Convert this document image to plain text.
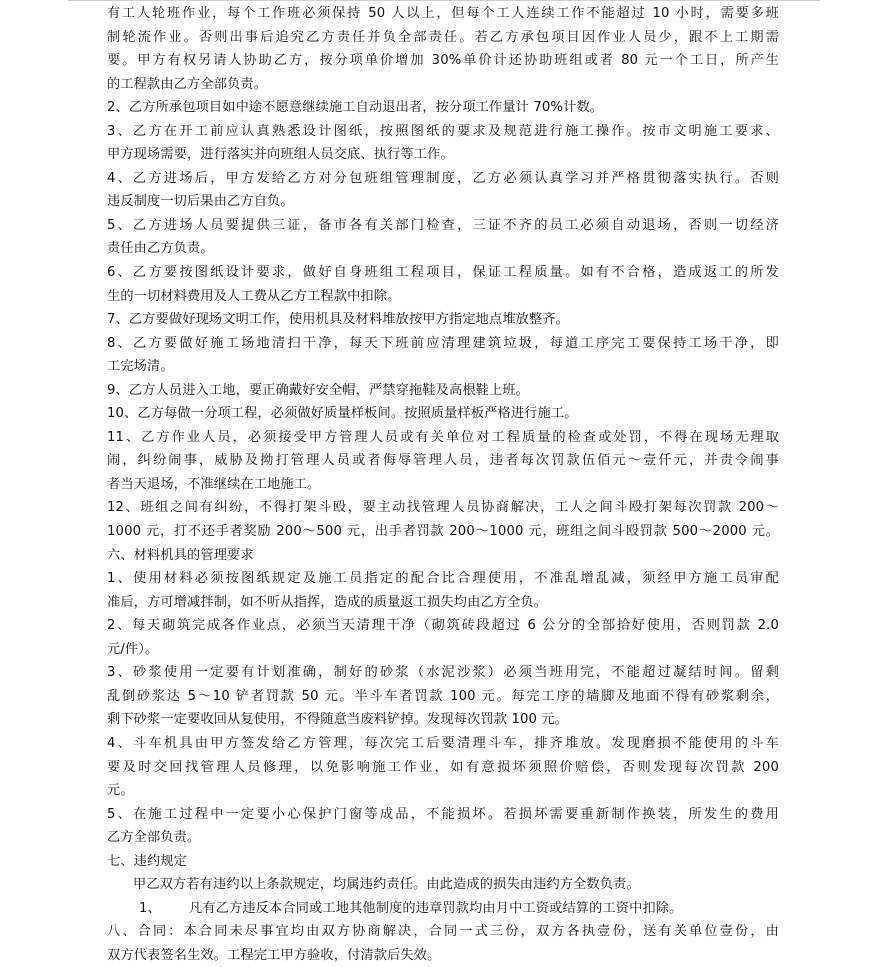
有工人轮班作业，每个工作班必须保持 50 人以上，但每个工人连续工作不能超过 10 小时，需要多班
制轮流作业。否则出事后追究乙方责任并负全部责任。若乙方承包项目因作业人员少，跟不上工期需
要。甲方有权另请人协助乙方，按分项单价增加 30%单价计还协助班组或者 80 元一个工日，所产生
的工程款由乙方全部负责。
2、乙方所承包项目如中途不愿意继续施工自动退出者，按分项工作量计 70%计数。
3、乙方在开工前应认真熟悉设计图纸，按照图纸的要求及规范进行施工操作。按市文明施工要求、
甲方现场需要，进行落实并向班组人员交底、执行等工作。
4、乙方进场后，甲方发给乙方对分包班组管理制度，乙方必须认真学习并严格贯彻落实执行。否则
违反制度一切后果由乙方自负。
5、乙方进场人员要提供三证，备市各有关部门检查，三证不齐的员工必须自动退场，否则一切经济
责任由乙方负责。
6、乙方要按图纸设计要求，做好自身班组工程项目，保证工程质量。如有不合格，造成返工的所发
生的一切材料费用及人工费从乙方工程款中扣除。
7、乙方要做好现场文明工作，使用机具及材料堆放按甲方指定地点堆放整齐。
8、乙方要做好施工场地清扫干净，每天下班前应清理建筑垃圾，每道工序完工要保持工场干净，即
工完场清。
9、乙方人员进入工地，要正确戴好安全帽，严禁穿拖鞋及高根鞋上班。
10、乙方每做一分项工程，必须做好质量样板间。按照质量样板严格进行施工。
11、乙方作业人员，必须接受甲方管理人员或有关单位对工程质量的检查或处罚，不得在现场无理取
闹，纠纷闹事，威胁及拗打管理人员或者侮辱管理人员，违者每次罚款伍佰元～壹仟元，并责令闹事
者当天退场，不准继续在工地施工。
12、班组之间有纠纷，不得打架斗殴，要主动找管理人员协商解决，工人之间斗殴打架每次罚款 200～
1000 元，打不还手者奖励 200～500 元，出手者罚款 200～1000 元，班组之间斗殴罚款 500～2000 元。
六、材料机具的管理要求
1、使用材料必须按图纸规定及施工员指定的配合比合理使用，不准乱增乱减，须经甲方施工员审配
准后，方可增减拌制，如不听从指挥，造成的质量返工损失均由乙方全负。
2、每天砌筑完成各作业点，必须当天清理干净（砌筑砖段超过 6 公分的全部拾好使用，否则罚款 2.0
元/件）。
3、砂浆使用一定要有计划准确，制好的砂浆（水泥沙浆）必须当班用完，不能超过凝结时间。留剩
乱倒砂浆达 5～10 铲者罚款 50 元。半斗车者罚款 100 元。每完工序的墙脚及地面不得有砂浆剩余，
剩下砂浆一定要收回从复使用，不得随意当废料铲掉。发现每次罚款 100 元。
4、斗车机具由甲方签发给乙方管理，每次完工后要清理斗车，排齐堆放。发现磨损不能使用的斗车
要及时交回找管理人员修理，以免影响施工作业，如有意损坏须照价赔偿，否则发现每次罚款 200
元。
5、在施工过程中一定要小心保护门窗等成品，不能损坏。若损坏需要重新制作换装，所发生的费用
乙方全部负责。
七、违约规定
甲乙双方若有违约以上条款规定，均属违约责任。由此造成的损失由违约方全数负责。
1、 凡有乙方违反本合同或工地其他制度的违章罚款均由月中工资或结算的工资中扣除。
八、合同：本合同未尽事宜均由双方协商解决，合同一式三份，双方各执壹份，送有关单位壹份，由
双方代表签名生效。工程完工甲方验收，付清款后失效。
